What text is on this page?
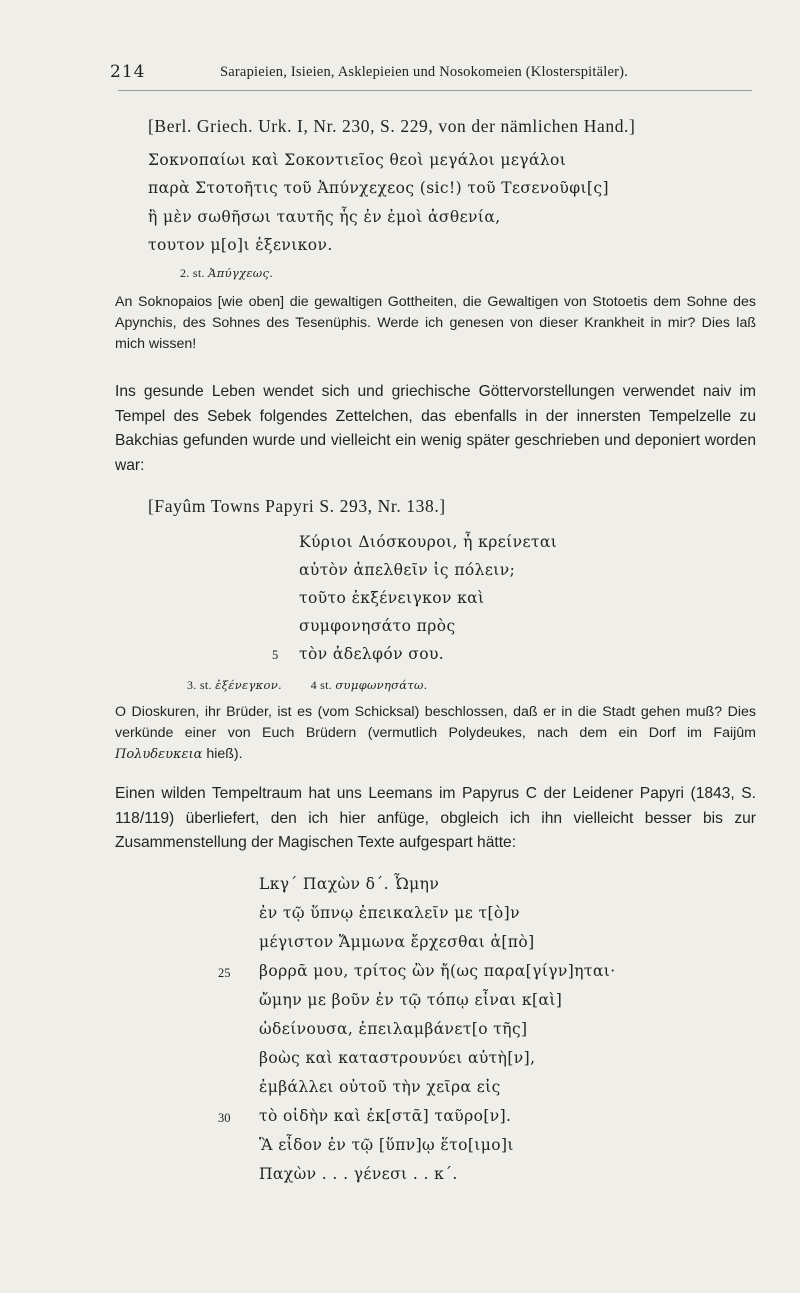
214	Sarapieien, Isieien, Asklepieien und Nosokomeien (Klosterspitäler).
[Berl. Griech. Urk. I, Nr. 230, S. 229, von der nämlichen Hand.]
Σοκνοπαίωι καὶ Σοκοντιεῖος θεοὶ μεγάλοι μεγάλοι
παρὰ Στοτοῆτις τοῦ Ἀπύνχεχεος (sic!) τοῦ Τεσενοῦφι[ς]
ἢ μὲν σωθῆσωι ταυτῆς ἧς ἐν ἐμοὶ ἀσθενία,
τουτον μ[ο]ι ἐξενικον.
2. st. Ἀπύγχεως.
An Soknopaios [wie oben] die gewaltigen Gottheiten, die Gewaltigen von Stotoetis dem Sohne des Apynchis, des Sohnes des Tesenüphis. Werde ich genesen von dieser Krankheit in mir? Dies laß mich wissen!
Ins gesunde Leben wendet sich und griechische Göttervorstellungen verwendet naiv im Tempel des Sebek folgendes Zettelchen, das ebenfalls in der innersten Tempelzelle zu Bakchias gefunden wurde und vielleicht ein wenig später geschrieben und deponiert worden war:
[Fayûm Towns Papyri S. 293, Nr. 138.]
Κύριοι Διόσκουροι, ἦ κρείνεται
αὐτὸν ἀπελθεῖν ἰς πόλειν;
τοῦτο ἐκξένειγκον καὶ
συμφονησάτο πρὸς
τὸν ἀδελφόν σου.
5
3. st. ἐξένεγκον. 4 st. συμφωνησάτω.
O Dioskuren, ihr Brüder, ist es (vom Schicksal) beschlossen, daß er in die Stadt gehen muß? Dies verkünde einer von Euch Brüdern (vermutlich Polydeukes, nach dem ein Dorf im Faijûm Πολυδευκεια hieß).
Einen wilden Tempeltraum hat uns Leemans im Papyrus C der Leidener Papyri (1843, S. 118/119) überliefert, den ich hier anfüge, obgleich ich ihn vielleicht besser bis zur Zusammenstellung der Magischen Texte aufgespart hätte:
Lκγ΄ Παχὼν δ΄. Ὦμην
ἐν τῷ ὕπνῳ ἐπεικαλεῖν με τ[ὸ]ν
μέγιστον Ἄμμωνα ἔρχεσθαι ἀ[πὸ]
βορρᾶ μου, τρίτος ὢν ἤ(ως παρα[γίγν]ηται·
ὤμην με βοῦν ἐν τῷ τόπῳ εἶναι κ[αὶ]
ὠδείνουσα, ἐπειλαμβάνετ[ο τῆς]
βοὼς καὶ καταστρουνύει αὐτὴ[ν],
ἐμβάλλει οὐτοῦ τὴν χεῖρα εἰς
τὸ οἰδὴν καὶ ἐκ[στᾶ] ταῦρο[ν].
Ἃ εἶδον ἐν τῷ [ὕπν]ῳ ἕτο[ιμο]ι
Παχὼν . . . γένεσι . . κ΄.
25
30
